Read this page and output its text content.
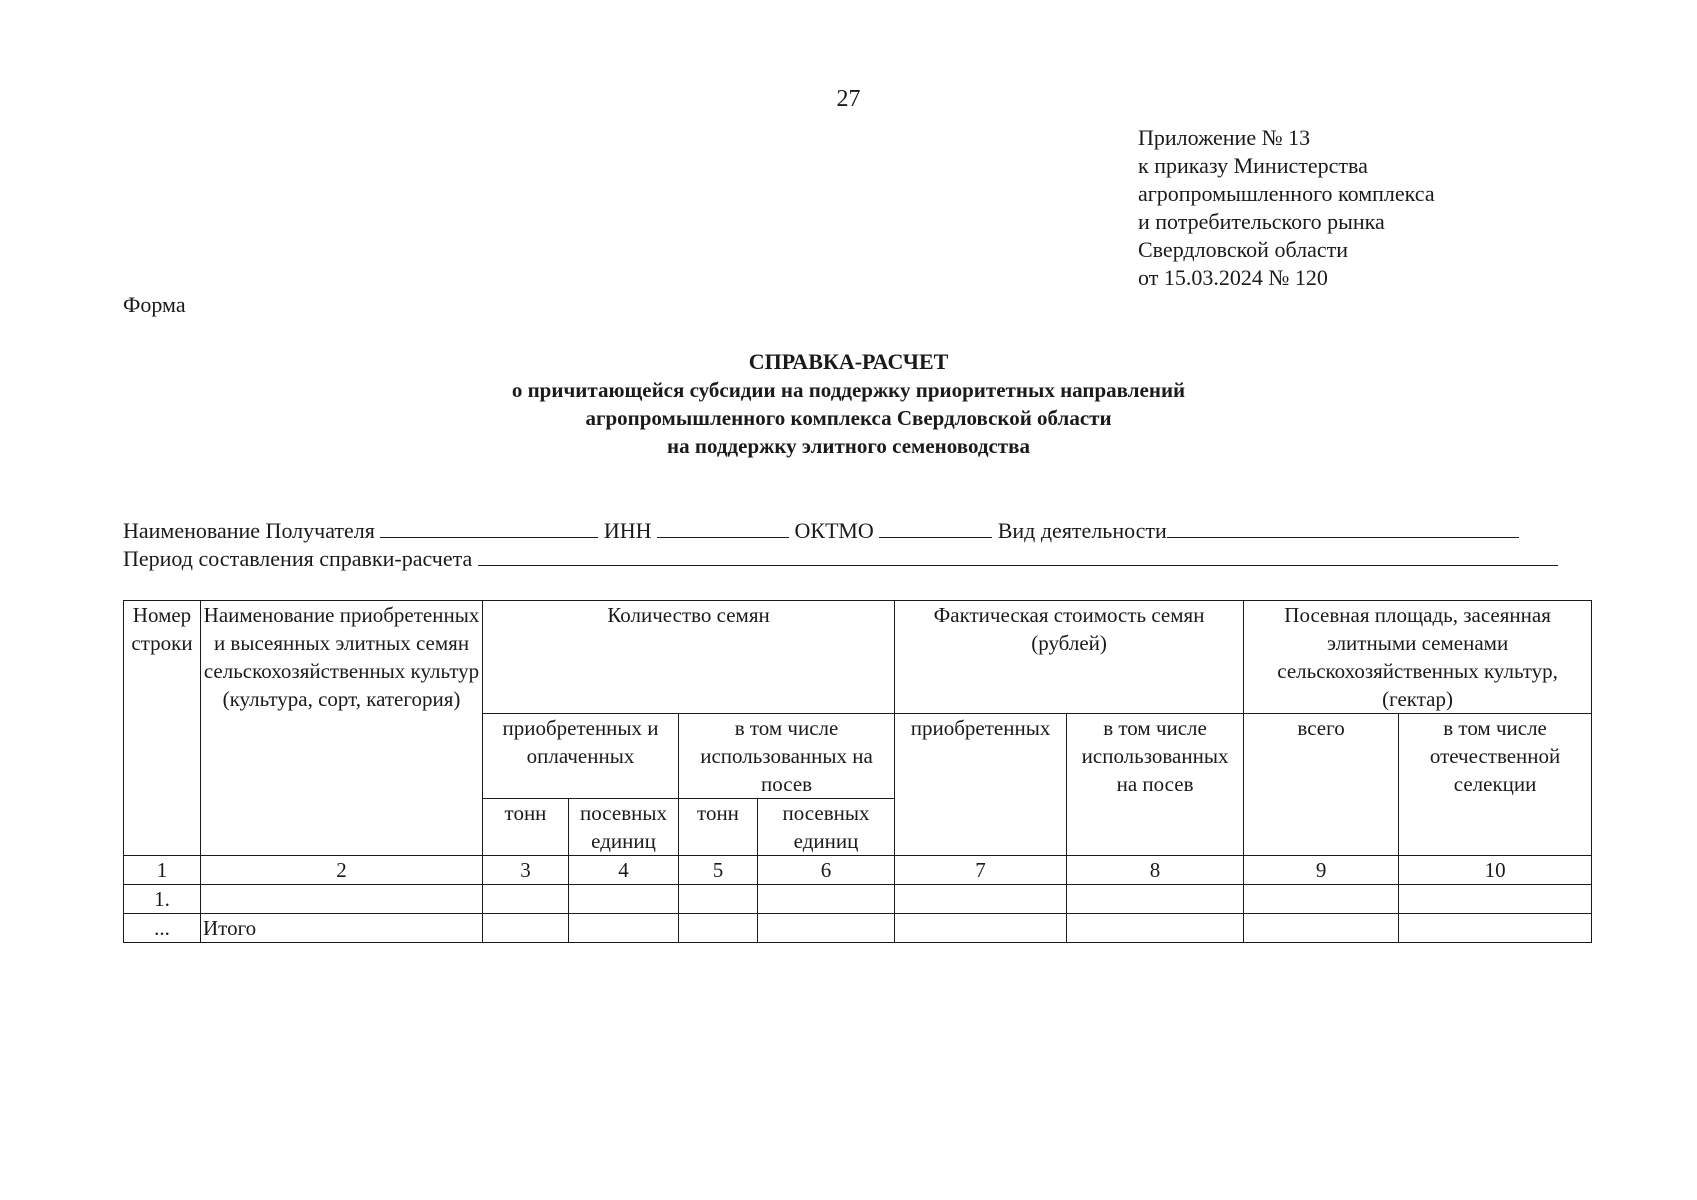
27
Приложение № 13
к приказу Министерства
агропромышленного комплекса
и потребительского рынка
Свердловской области
от 15.03.2024 № 120
Форма
СПРАВКА-РАСЧЕТ
о причитающейся субсидии на поддержку приоритетных направлений
агропромышленного комплекса Свердловской области
на поддержку элитного семеноводства
Наименование Получателя	ИНН	ОКТМО	Вид деятельности
Период составления справки-расчета
Номер строки	Наименование приобретенных и высеянных элитных семян сельскохозяйственных культур (культура, сорт, категория)	Количество семян				Фактическая стоимость семян (рублей)		Посевная площадь, засеянная элитными семенами сельскохозяйственных культур, (гектар)	
		приобретенных и оплаченных		в том числе использованных на посев		приобретенных	в том числе использованных на посев	всего	в том числе отечественной селекции
		тонн	посевных единиц	тонн	посевных единиц				
1	2	3	4	5	6	7	8	9	10
1.									
...	Итого								
